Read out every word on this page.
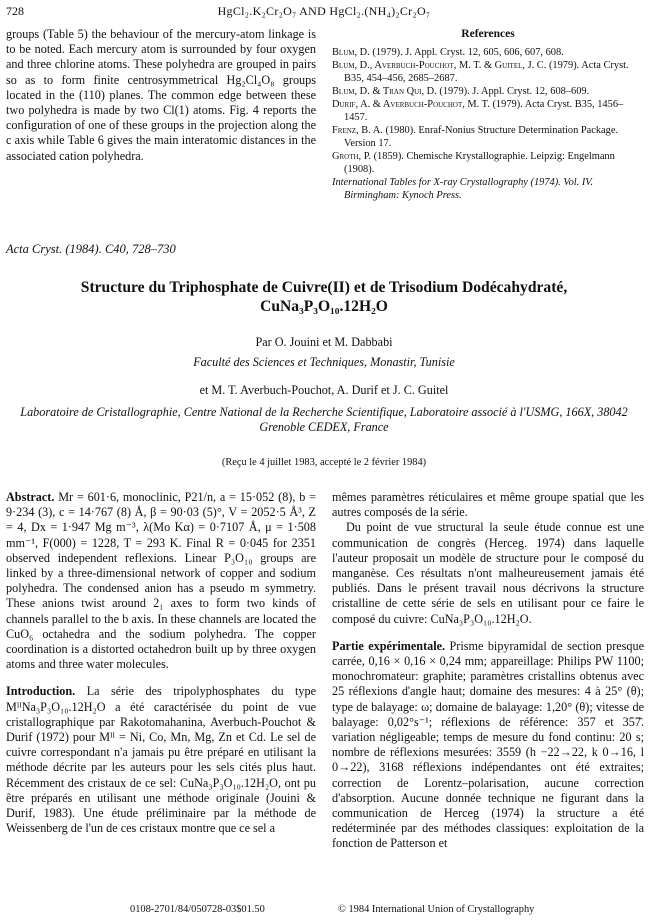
728	HgCl₂.K₂Cr₂O₇ AND HgCl₂.(NH₄)₂Cr₂O₇

groups (Table 5) the behaviour of the mercury-atom linkage is to be noted. Each mercury atom is surrounded by four oxygen and three chlorine atoms. These polyhedra are grouped in pairs so as to form finite centrosymmetrical Hg₂Cl₄O₈ groups located in the (110) planes. The common edge between these two polyhedra is made by two Cl(1) atoms. Fig. 4 reports the configuration of one of these groups in the projection along the c axis while Table 6 gives the main interatomic distances in the associated cation polyhedra.

References

Blum, D. (1979). J. Appl. Cryst. 12, 605, 606, 607, 608.

Blum, D., Averbuch-Pouchot, M. T. & Guitel, J. C. (1979). Acta Cryst. B35, 454–456, 2685–2687.

Blum, D. & Tran Qui, D. (1979). J. Appl. Cryst. 12, 608–609.

Durif, A. & Averbuch-Pouchot, M. T. (1979). Acta Cryst. B35, 1456–1457.

Frenz, B. A. (1980). Enraf-Nonius Structure Determination Package. Version 17.

Groth, P. (1859). Chemische Krystallographie. Leipzig: Engelmann (1908).

International Tables for X-ray Crystallography (1974). Vol. IV. Birmingham: Kynoch Press.

Acta Cryst. (1984). C40, 728–730
Structure du Triphosphate de Cuivre(II) et de Trisodium Dodécahydraté,
CuNa₃P₃O₁₀.12H₂O
Par O. Jouini et M. Dabbabi
Faculté des Sciences et Techniques, Monastir, Tunisie
et M. T. Averbuch-Pouchot, A. Durif et J. C. Guitel
Laboratoire de Cristallographie, Centre National de la Recherche Scientifique, Laboratoire associé à l'USMG, 166X, 38042 Grenoble CEDEX, France
(Reçu le 4 juillet 1983, accepté le 2 février 1984)

Abstract. Mr = 601·6, monoclinic, P21/n, a = 15·052 (8), b = 9·234 (3), c = 14·767 (8) Å, β = 90·03 (5)°, V = 2052·5 Å³, Z = 4, Dx = 1·947 Mg m⁻³, λ(Mo Kα) = 0·7107 Å, μ = 1·508 mm⁻¹, F(000) = 1228, T = 293 K. Final R = 0·045 for 2351 observed independent reflexions. Linear P₃O₁₀ groups are linked by a three-dimensional network of copper and sodium polyhedra. The condensed anion has a pseudo m symmetry. These anions twist around 2₁ axes to form two kinds of channels parallel to the b axis. In these channels are located the CuO₆ octahedra and the sodium polyhedra. The copper coordination is a distorted octahedron built up by three oxygen atoms and three water molecules.

Introduction. La série des tripolyphosphates du type MᴵᴵNa₃P₃O₁₀.12H₂O a été caractérisée du point de vue cristallographique par Rakotomahanina, Averbuch-Pouchot & Durif (1972) pour Mᴵᴵ = Ni, Co, Mn, Mg, Zn et Cd. Le sel de cuivre correspondant n'a jamais pu être préparé en utilisant la méthode décrite par les auteurs pour les sels cités plus haut. Récemment des cristaux de ce sel: CuNa₃P₃O₁₀.12H₂O, ont pu être préparés en utilisant une méthode originale (Jouini & Durif, 1983). Une étude préliminaire par la méthode de Weissenberg de l'un de ces cristaux montre que ce sel a

mêmes paramètres réticulaires et même groupe spatial que les autres composés de la série.

Du point de vue structural la seule étude connue est une communication de congrès (Herceg. 1974) dans laquelle l'auteur proposait un modèle de structure pour le composé du manganèse. Ces résultats n'ont malheureusement jamais été publiés. Dans le présent travail nous décrivons la structure cristalline de cette série de sels en utilisant pour ce faire le composé du cuivre: CuNa₃P₃O₁₀.12H₂O.

Partie expérimentale. Prisme bipyramidal de section presque carrée, 0,16 × 0,16 × 0,24 mm; appareillage: Philips PW 1100; monochromateur: graphite; paramètres cristallins obtenus avec 25 réflexions d'angle haut; domaine des mesures: 4 à 25° (θ); type de balayage: ω; domaine de balayage: 1,20° (θ); vitesse de balayage: 0,02°s⁻¹; réflexions de référence: 357 et 357̄. variation négligeable; temps de mesure du fond continu: 20 s; nombre de réflexions mesurées: 3559 (h −22→22, k 0→16, l 0→22), 3168 réflexions indépendantes ont été extraites; correction de Lorentz–polarisation, aucune correction d'absorption. Aucune donnée technique ne figurant dans la communication de Herceg (1974) la structure a été redéterminée par des méthodes classiques: exploitation de la fonction de Patterson et

0108-2701/84/050728-03$01.50	© 1984 International Union of Crystallography
